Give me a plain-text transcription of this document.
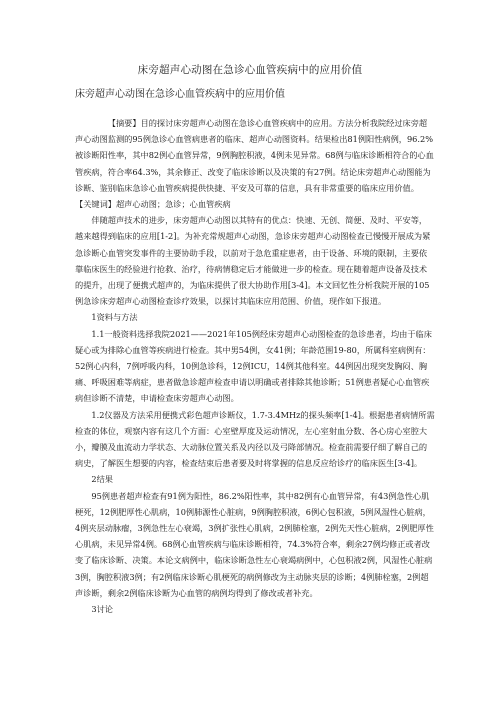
床旁超声心动图在急诊心血管疾病中的应用价值
床旁超声心动图在急诊心血管疾病中的应用价值

【摘要】目的探讨床旁超声心动图在急诊心血管疾病中的应用。方法分析我院经过床旁超声心动图监测的95例急诊心血管病患者的临床、超声心动图资料。结果检出81例阳性病例，96.2%被诊断阳性率，其中82例心血管异常，9例胸腔积液，4例未见异常。68例与临床诊断相符合的心血管疾病，符合率64.3%，其余修正、改变了临床诊断以及决策的有27例。结论床旁超声心动图能为诊断、鉴别临床急诊心血管疾病提供快捷、平安及可靠的信息，具有非常重要的临床应用价值。

【关键词】超声心动图；急诊；心血管疾病

伴随超声技术的进步，床旁超声心动图以其特有的优点：快速、无创、简便、及时、平安等，越来越得到临床的应用[1-2]。为补充常规超声心动图，急诊床旁超声心动图检查已慢慢开展成为紧急诊断心血管突发事件的主要协助手段，以前对于急危重症患者，由于设备、环境的限制，主要依靠临床医生的经验进行抢救、治疗，待病情稳定后才能做进一步的检查。现在随着超声设备及技术的提升，出现了便携式超声的，为临床提供了很大协助作用[3-4]。本文回忆性分析我院开展的105例急诊床旁超声心动图检查诊疗效果，以探讨其临床应用范围、价值，现作如下报道。

1资料与方法

1.1一般资料选择我院2021——2021年105例经床旁超声心动图检查的急诊患者，均由于临床疑心或为排除心血管等疾病进行检查。其中男54例，女41例；年龄范围19-80，所属科室病例有：52例心内科，7例呼吸内科，10例急诊科，12例ICU，14例其他科室。44例因出现突发胸闷、胸痛、呼吸困难等病症，患者做急诊超声检查申请以明确或者排除其他诊断；51例患者疑心心血管疾病但诊断不清楚，申请检查床旁超声心动图。

1.2仪器及方法采用便携式彩色超声诊断仪，1.7-3.4MHz的探头频率[1-4]。根据患者病情所需检查的体位，观察内容有这几个方面：心室壁厚度及运动情况，左心室射血分数、各心房心室腔大小，瓣膜及血流动力学状态、大动脉位置关系及内径以及弓降部情况。检查前需要仔细了解自己的病史，了解医生想要的内容，检查结束后患者要及时将掌握的信息反应给诊疗的临床医生[3-4]。

2结果

95例患者超声检查有91例为阳性，86.2%阳性率，其中82例有心血管异常，有43例急性心肌梗死，12例肥厚性心肌病，10例肺源性心脏病，9例胸腔积液，6例心包积液，5例风湿性心脏病，4例夹层动脉瘤，3例急性左心衰竭，3例扩张性心肌病，2例肺栓塞，2例先天性心脏病，2例肥厚性心肌病，未见异常4例。68例心血管疾病与临床诊断相符，74.3%符合率，剩余27例均修正或者改变了临床诊断、决策。本论文病例中，临床诊断急性左心衰竭病例中，心包积液2例，风湿性心脏病3例，胸腔积液3例；有2例临床诊断心肌梗死的病例修改为主动脉夹层的诊断；4例肺栓塞，2例超声诊断，剩余2例临床诊断为心血管的病例均得到了修改或者补充。

3讨论
